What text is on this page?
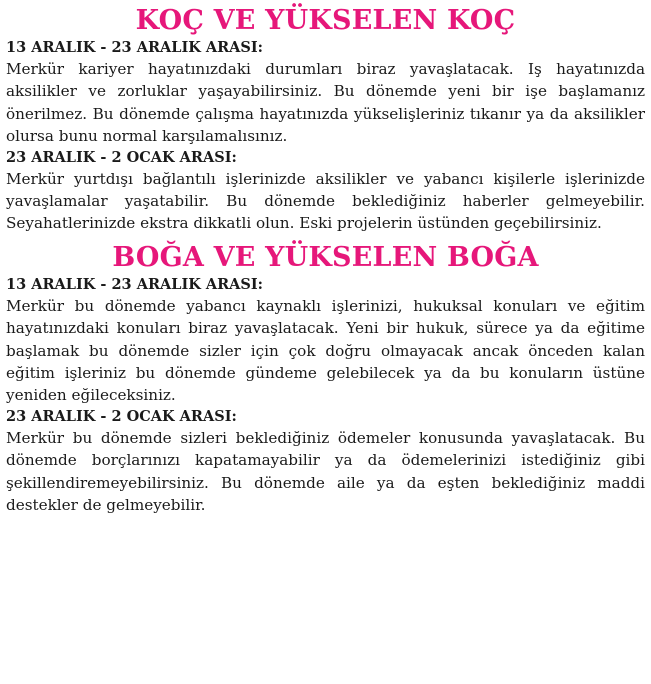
KOÇ VE YÜKSELEN KOÇ
13 ARALIK - 23 ARALIK ARASI:

Merkür kariyer hayatınızdaki durumları biraz yavaşlatacak. Iş hayatınızda aksilikler ve zorluklar yaşayabilirsiniz. Bu dönemde yeni bir işe başlamanız önerilmez. Bu dönemde çalışma hayatınızda yükselişleriniz tıkanır ya da aksilikler olursa bunu normal karşılamalısınız.

23 ARALIK - 2 OCAK ARASI:

Merkür yurtdışı bağlantılı işlerinizde aksilikler ve yabancı kişilerle işlerinizde yavaşlamalar yaşatabilir. Bu dönemde beklediğiniz haberler gelmeyebilir. Seyahatlerinizde ekstra dikkatli olun. Eski projelerin üstünden geçebilirsiniz.

BOĞA VE YÜKSELEN BOĞA
13 ARALIK - 23 ARALIK ARASI:

Merkür bu dönemde yabancı kaynaklı işlerinizi, hukuksal konuları ve eğitim hayatınızdaki konuları biraz yavaşlatacak. Yeni bir hukuk, sürece ya da eğitime başlamak bu dönemde sizler için çok doğru olmayacak ancak önceden kalan eğitim işleriniz bu dönemde gündeme gelebilecek ya da bu konuların üstüne yeniden eğileceksiniz.

23 ARALIK - 2 OCAK ARASI:

Merkür bu dönemde sizleri beklediğiniz ödemeler konusunda yavaşlatacak. Bu dönemde borçlarınızı kapatamayabilir ya da ödemelerinizi istediğiniz gibi şekillendiremeyebilirsiniz. Bu dönemde aile ya da eşten beklediğiniz maddi destekler de gelmeyebilir.
